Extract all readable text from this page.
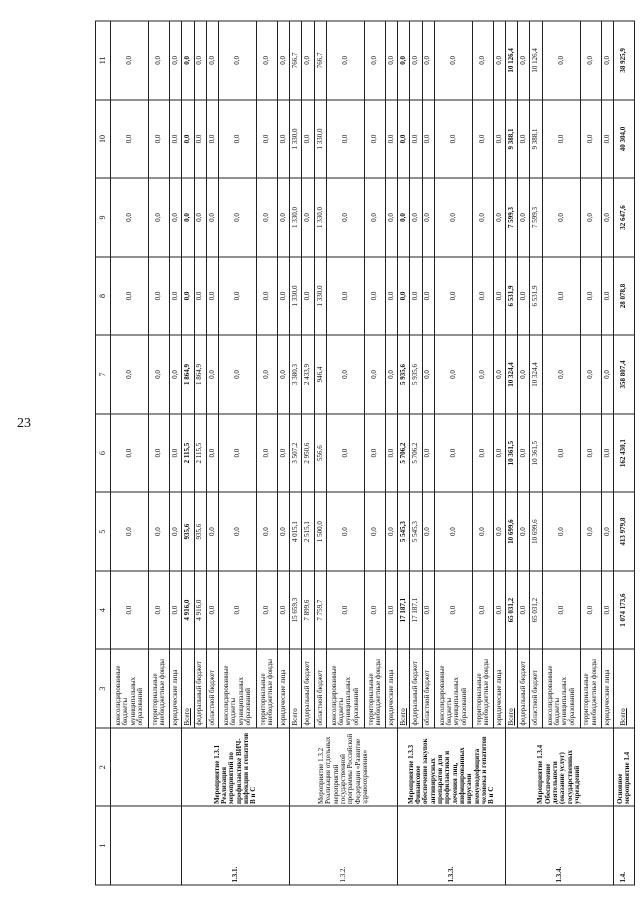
23
1	2	3	4	5	6	7	8	9	10	11
		консолидированные бюджеты муниципальных образований	0,0	0,0	0,0	0,0	0,0	0,0	0,0	0,0
		территориальные внебюджетные фонды	0,0	0,0	0,0	0,0	0,0	0,0	0,0	0,0
		юридические лица	0,0	0,0	0,0	0,0	0,0	0,0	0,0	0,0
1.3.1.	Мероприятие 1.3.1 Реализация мероприятий по профилактике ВИЧ-инфекции и гепатитов В и С	Всего	4 916,0	935,6	2 115,5	1 864,9	0,0	0,0	0,0	0,0
		федеральный бюджет	4 916,0	935,6	2 115,5	1 864,9	0,0	0,0	0,0	0,0
		областной бюджет	0,0	0,0	0,0	0,0	0,0	0,0	0,0	0,0
		консолидированные бюджеты муниципальных образований	0,0	0,0	0,0	0,0	0,0	0,0	0,0	0,0
		территориальные внебюджетные фонды	0,0	0,0	0,0	0,0	0,0	0,0	0,0	0,0
		юридические лица	0,0	0,0	0,0	0,0	0,0	0,0	0,0	0,0
1.3.2.	Мероприятие 1.3.2 Реализация отдельных мероприятий государственной программы Российской Федерации «Развитие здравоохранения»	Всего	15 659,3	4 015,1	3 507,2	3 380,3	1 330,0	1 330,0	1 330,0	766,7
		федеральный бюджет	7 899,6	2 515,1	2 950,6	2 433,9	0,0	0,0	0,0	0,0
		областной бюджет	7 759,7	1 500,0	556,6	946,4	1 330,0	1 330,0	1 330,0	766,7
		консолидированные бюджеты муниципальных образований	0,0	0,0	0,0	0,0	0,0	0,0	0,0	0,0
		территориальные внебюджетные фонды	0,0	0,0	0,0	0,0	0,0	0,0	0,0	0,0
		юридические лица	0,0	0,0	0,0	0,0	0,0	0,0	0,0	0,0
1.3.3.	Мероприятие 1.3.3 Финансовое обеспечение закупок антивирусных препаратов для профилактики и лечения лиц, инфицированных вирусами иммунодефицита человека и гепатитов В и С	Всего	17 187,1	5 545,3	5 706,2	5 935,6	0,0	0,0	0,0	0,0
		федеральный бюджет	17 187,1	5 545,3	5 706,2	5 935,6	0,0	0,0	0,0	0,0
		областной бюджет	0,0	0,0	0,0	0,0	0,0	0,0	0,0	0,0
		консолидированные бюджеты муниципальных образований	0,0	0,0	0,0	0,0	0,0	0,0	0,0	0,0
		территориальные внебюджетные фонды	0,0	0,0	0,0	0,0	0,0	0,0	0,0	0,0
		юридические лица	0,0	0,0	0,0	0,0	0,0	0,0	0,0	0,0
1.3.4.	Мероприятие 1.3.4 Обеспечение деятельности (оказание услуг) государственных учреждений	Всего	65 031,2	10 699,6	10 361,5	10 324,4	6 531,9	7 599,3	9 388,1	10 126,4
		федеральный бюджет	0,0	0,0	0,0	0,0	0,0	0,0	0,0	0,0
		областной бюджет	65 031,2	10 699,6	10 361,5	10 324,4	6 531,9	7 599,3	9 388,1	10 126,4
		консолидированные бюджеты муниципальных образований	0,0	0,0	0,0	0,0	0,0	0,0	0,0	0,0
		территориальные внебюджетные фонды	0,0	0,0	0,0	0,0	0,0	0,0	0,0	0,0
		юридические лица	0,0	0,0	0,0	0,0	0,0	0,0	0,0	0,0
1.4.	Основное мероприятие 1.4	Всего	1 074 173,6	413 979,8	162 430,1	358 807,4	28 078,8	32 647,6	40 304,0	38 925,9
